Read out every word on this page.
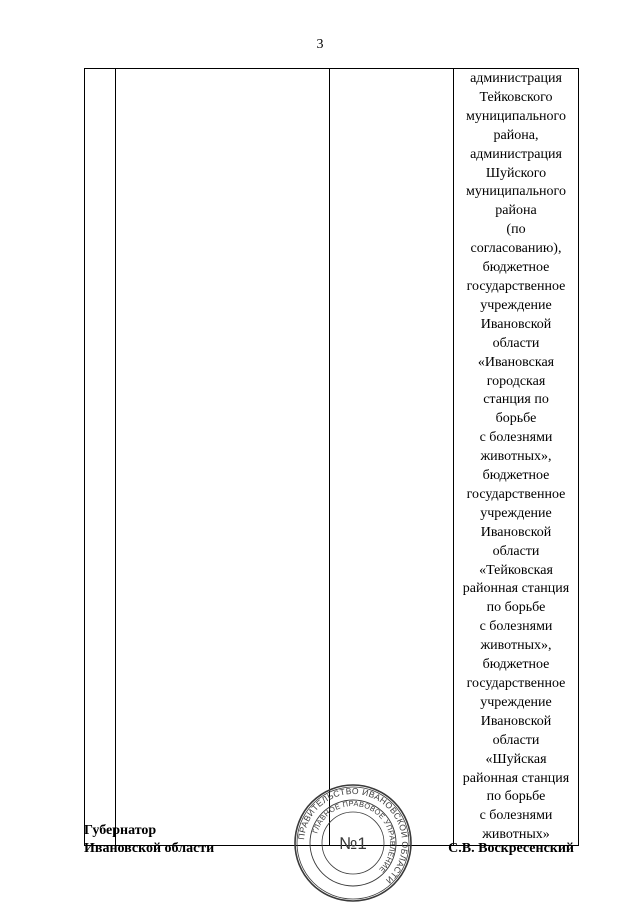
3

администрация
Тейковского
муниципального
района,
администрация
Шуйского
муниципального
района
(по
согласованию),
бюджетное
государственное
учреждение
Ивановской
области
«Ивановская
городская
станция по
борьбе
с болезнями
животных»,
бюджетное
государственное
учреждение
Ивановской
области
«Тейковская
районная станция
по борьбе
с болезнями
животных»,
бюджетное
государственное
учреждение
Ивановской
области
«Шуйская
районная станция
по борьбе
с болезнями
животных»
ПРАВИТЕЛЬСТВО ИВАНОВСКОЙ ОБЛАСТИ
ГЛАВНОЕ ПРАВОВОЕ УПРАВЛЕНИЕ
№1
Губернатор
Ивановской области	С.В. Воскресенский
